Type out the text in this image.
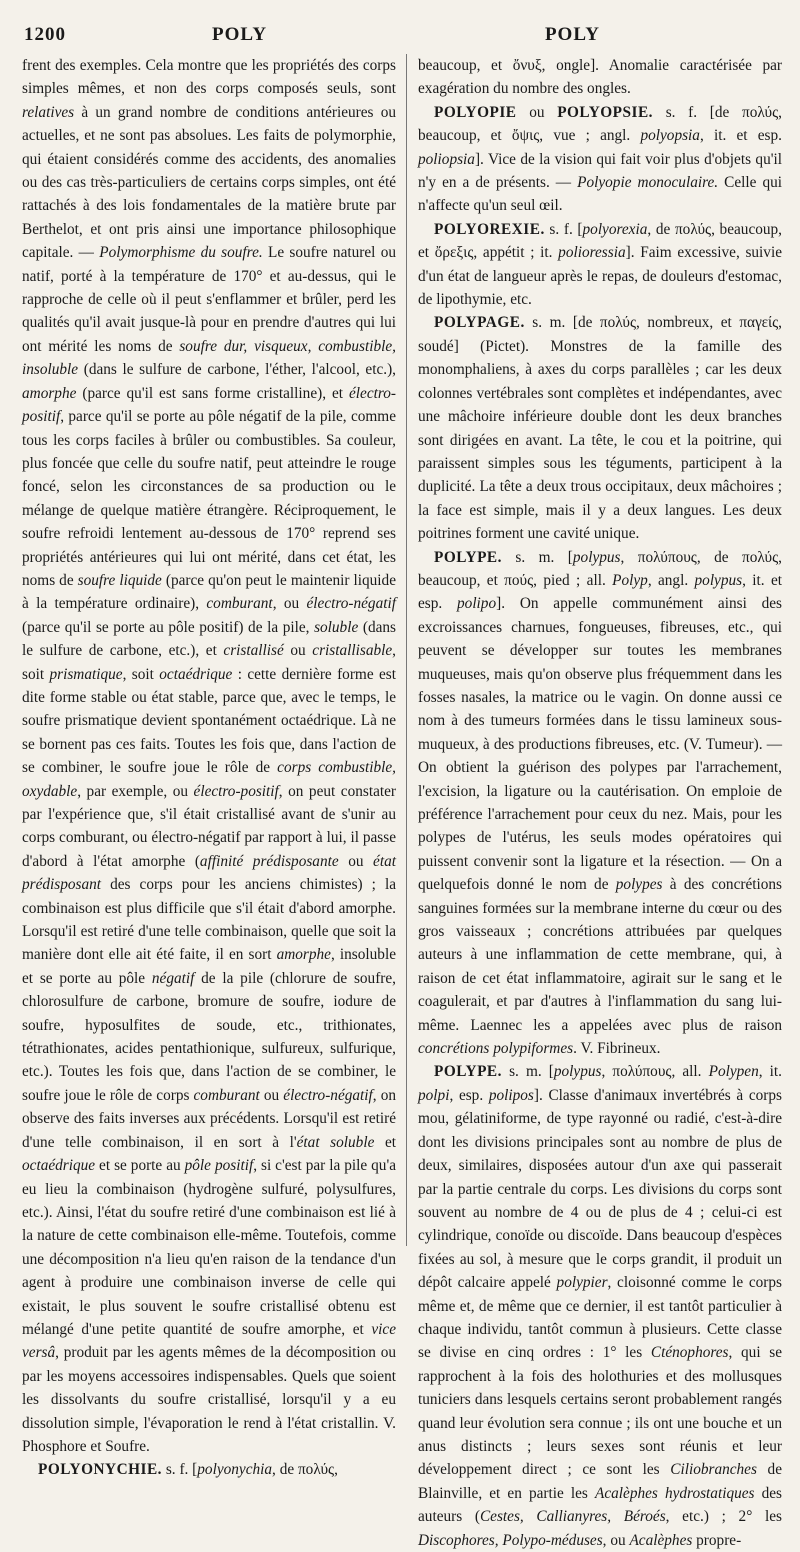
1200	POLY	POLY

frent des exemples. Cela montre que les propriétés des corps simples mêmes, et non des corps composés seuls, sont relatives à un grand nombre de conditions antérieures ou actuelles, et ne sont pas absolues. Les faits de polymorphie, qui étaient considérés comme des accidents, des anomalies ou des cas très-particuliers de certains corps simples, ont été rattachés à des lois fondamentales de la matière brute par Berthelot, et ont pris ainsi une importance philosophique capitale. — Polymorphisme du soufre. Le soufre naturel ou natif, porté à la température de 170° et au-dessus, qui le rapproche de celle où il peut s'enflammer et brûler, perd les qualités qu'il avait jusque-là pour en prendre d'autres qui lui ont mérité les noms de soufre dur, visqueux, combustible, insoluble (dans le sulfure de carbone, l'éther, l'alcool, etc.), amorphe (parce qu'il est sans forme cristalline), et électro-positif, parce qu'il se porte au pôle négatif de la pile, comme tous les corps faciles à brûler ou combustibles. Sa couleur, plus foncée que celle du soufre natif, peut atteindre le rouge foncé, selon les circonstances de sa production ou le mélange de quelque matière étrangère. Réciproquement, le soufre refroidi lentement au-dessous de 170° reprend ses propriétés antérieures qui lui ont mérité, dans cet état, les noms de soufre liquide (parce qu'on peut le maintenir liquide à la température ordinaire), comburant, ou électro-négatif (parce qu'il se porte au pôle positif) de la pile, soluble (dans le sulfure de carbone, etc.), et cristallisé ou cristallisable, soit prismatique, soit octaédrique : cette dernière forme est dite forme stable ou état stable, parce que, avec le temps, le soufre prismatique devient spontanément octaédrique. Là ne se bornent pas ces faits. Toutes les fois que, dans l'action de se combiner, le soufre joue le rôle de corps combustible, oxydable, par exemple, ou électro-positif, on peut constater par l'expérience que, s'il était cristallisé avant de s'unir au corps comburant, ou électro-négatif par rapport à lui, il passe d'abord à l'état amorphe (affinité prédisposante ou état prédisposant des corps pour les anciens chimistes) ; la combinaison est plus difficile que s'il était d'abord amorphe. Lorsqu'il est retiré d'une telle combinaison, quelle que soit la manière dont elle ait été faite, il en sort amorphe, insoluble et se porte au pôle négatif de la pile (chlorure de soufre, chlorosulfure de carbone, bromure de soufre, iodure de soufre, hyposulfites de soude, etc., trithionates, tétrathionates, acides pentathionique, sulfureux, sulfurique, etc.). Toutes les fois que, dans l'action de se combiner, le soufre joue le rôle de corps comburant ou électro-négatif, on observe des faits inverses aux précédents. Lorsqu'il est retiré d'une telle combinaison, il en sort à l'état soluble et octaédrique et se porte au pôle positif, si c'est par la pile qu'a eu lieu la combinaison (hydrogène sulfuré, polysulfures, etc.). Ainsi, l'état du soufre retiré d'une combinaison est lié à la nature de cette combinaison elle-même. Toutefois, comme une décomposition n'a lieu qu'en raison de la tendance d'un agent à produire une combinaison inverse de celle qui existait, le plus souvent le soufre cristallisé obtenu est mélangé d'une petite quantité de soufre amorphe, et vice versâ, produit par les agents mêmes de la décomposition ou par les moyens accessoires indispensables. Quels que soient les dissolvants du soufre cristallisé, lorsqu'il y a eu dissolution simple, l'évaporation le rend à l'état cristallin. V. Phosphore et Soufre.

POLYONYCHIE. s. f. [polyonychia, de πολύς,

beaucoup, et ὄνυξ, ongle]. Anomalie caractérisée par exagération du nombre des ongles.

POLYOPIE ou POLYOPSIE. s. f. [de πολύς, beaucoup, et ὄψις, vue ; angl. polyopsia, it. et esp. poliopsia]. Vice de la vision qui fait voir plus d'objets qu'il n'y en a de présents. — Polyopie monoculaire. Celle qui n'affecte qu'un seul œil.

POLYOREXIE. s. f. [polyorexia, de πολύς, beaucoup, et ὄρεξις, appétit ; it. polioressia]. Faim excessive, suivie d'un état de langueur après le repas, de douleurs d'estomac, de lipothymie, etc.

POLYPAGE. s. m. [de πολύς, nombreux, et παγείς, soudé] (Pictet). Monstres de la famille des monomphaliens, à axes du corps parallèles ; car les deux colonnes vertébrales sont complètes et indépendantes, avec une mâchoire inférieure double dont les deux branches sont dirigées en avant. La tête, le cou et la poitrine, qui paraissent simples sous les téguments, participent à la duplicité. La tête a deux trous occipitaux, deux mâchoires ; la face est simple, mais il y a deux langues. Les deux poitrines forment une cavité unique.

POLYPE. s. m. [polypus, πολύπους, de πολύς, beaucoup, et πούς, pied ; all. Polyp, angl. polypus, it. et esp. polipo]. On appelle communément ainsi des excroissances charnues, fongueuses, fibreuses, etc., qui peuvent se développer sur toutes les membranes muqueuses, mais qu'on observe plus fréquemment dans les fosses nasales, la matrice ou le vagin. On donne aussi ce nom à des tumeurs formées dans le tissu lamineux sous-muqueux, à des productions fibreuses, etc. (V. Tumeur). — On obtient la guérison des polypes par l'arrachement, l'excision, la ligature ou la cautérisation. On emploie de préférence l'arrachement pour ceux du nez. Mais, pour les polypes de l'utérus, les seuls modes opératoires qui puissent convenir sont la ligature et la résection. — On a quelquefois donné le nom de polypes à des concrétions sanguines formées sur la membrane interne du cœur ou des gros vaisseaux ; concrétions attribuées par quelques auteurs à une inflammation de cette membrane, qui, à raison de cet état inflammatoire, agirait sur le sang et le coagulerait, et par d'autres à l'inflammation du sang lui-même. Laennec les a appelées avec plus de raison concrétions polypiformes. V. Fibrineux.

POLYPE. s. m. [polypus, πολύπους, all. Polypen, it. polpi, esp. polipos]. Classe d'animaux invertébrés à corps mou, gélatiniforme, de type rayonné ou radié, c'est-à-dire dont les divisions principales sont au nombre de plus de deux, similaires, disposées autour d'un axe qui passerait par la partie centrale du corps. Les divisions du corps sont souvent au nombre de 4 ou de plus de 4 ; celui-ci est cylindrique, conoïde ou discoïde. Dans beaucoup d'espèces fixées au sol, à mesure que le corps grandit, il produit un dépôt calcaire appelé polypier, cloisonné comme le corps même et, de même que ce dernier, il est tantôt particulier à chaque individu, tantôt commun à plusieurs. Cette classe se divise en cinq ordres : 1° les Cténophores, qui se rapprochent à la fois des holothuries et des mollusques tuniciers dans lesquels certains seront probablement rangés quand leur évolution sera connue ; ils ont une bouche et un anus distincts ; leurs sexes sont réunis et leur développement direct ; ce sont les Ciliobranches de Blainville, et en partie les Acalèphes hydrostatiques des auteurs (Cestes, Callianyres, Béroés, etc.) ; 2° les Discophores, Polypo-méduses, ou Acalèphes propre-
